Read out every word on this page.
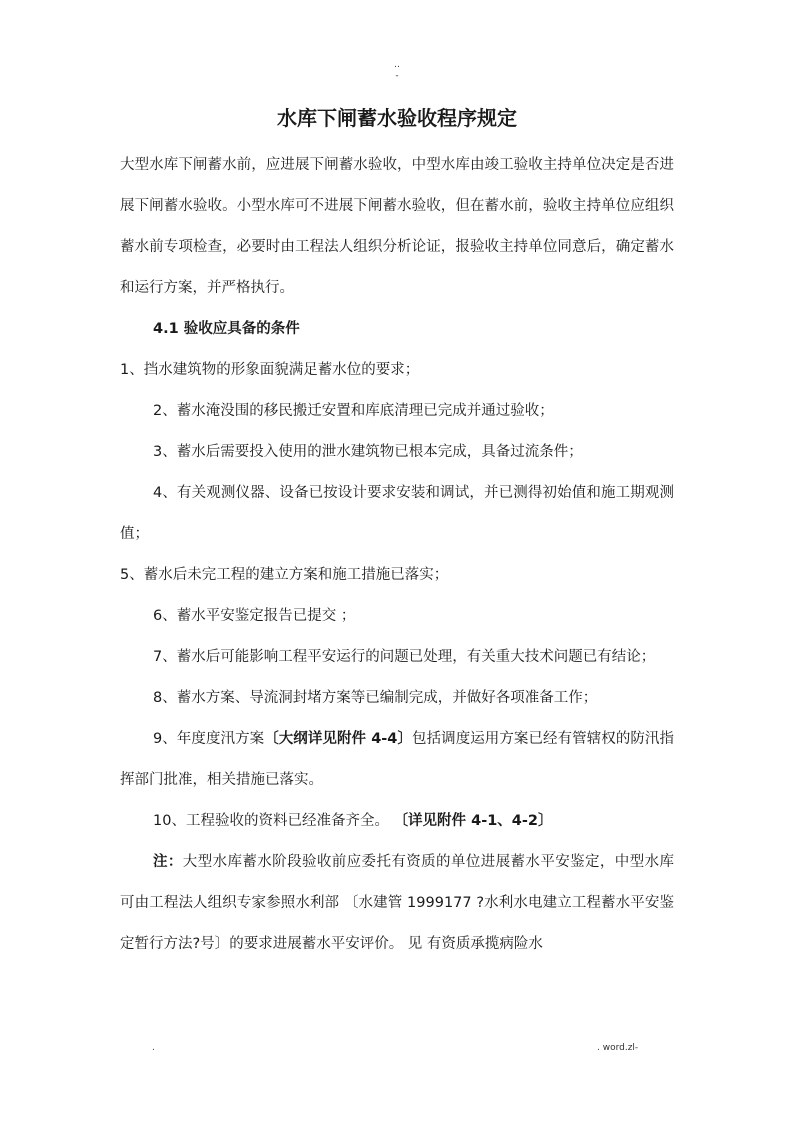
..
-
水库下闸蓄水验收程序规定

大型水库下闸蓄水前，应进展下闸蓄水验收，中型水库由竣工验收主持单位决定是否进展下闸蓄水验收。小型水库可不进展下闸蓄水验收，但在蓄水前，验收主持单位应组织蓄水前专项检查，必要时由工程法人组织分析论证，报验收主持单位同意后，确定蓄水和运行方案，并严格执行。

4.1 验收应具备的条件

1、挡水建筑物的形象面貌满足蓄水位的要求；

2、蓄水淹没围的移民搬迁安置和库底清理已完成并通过验收；

3、蓄水后需要投入使用的泄水建筑物已根本完成，具备过流条件；

4、有关观测仪器、设备已按设计要求安装和调试，并已测得初始值和施工期观测值；

5、蓄水后未完工程的建立方案和施工措施已落实；

6、蓄水平安鉴定报告已提交 ；

7、蓄水后可能影响工程平安运行的问题已处理，有关重大技术问题已有结论；

8、蓄水方案、导流洞封堵方案等已编制完成，并做好各项准备工作；

9、年度度汛方案〔大纲详见附件 4-4〕包括调度运用方案已经有管辖权的防汛指挥部门批准，相关措施已落实。

10、工程验收的资料已经准备齐全。 〔详见附件 4-1、4-2〕

注：大型水库蓄水阶段验收前应委托有资质的单位进展蓄水平安鉴定，中型水库可由工程法人组织专家参照水利部 〔水建管 1999177 ?水利水电建立工程蓄水平安鉴定暂行方法?号〕的要求进展蓄水平安评价。 见 有资质承揽病险水

.	. word.zl-
